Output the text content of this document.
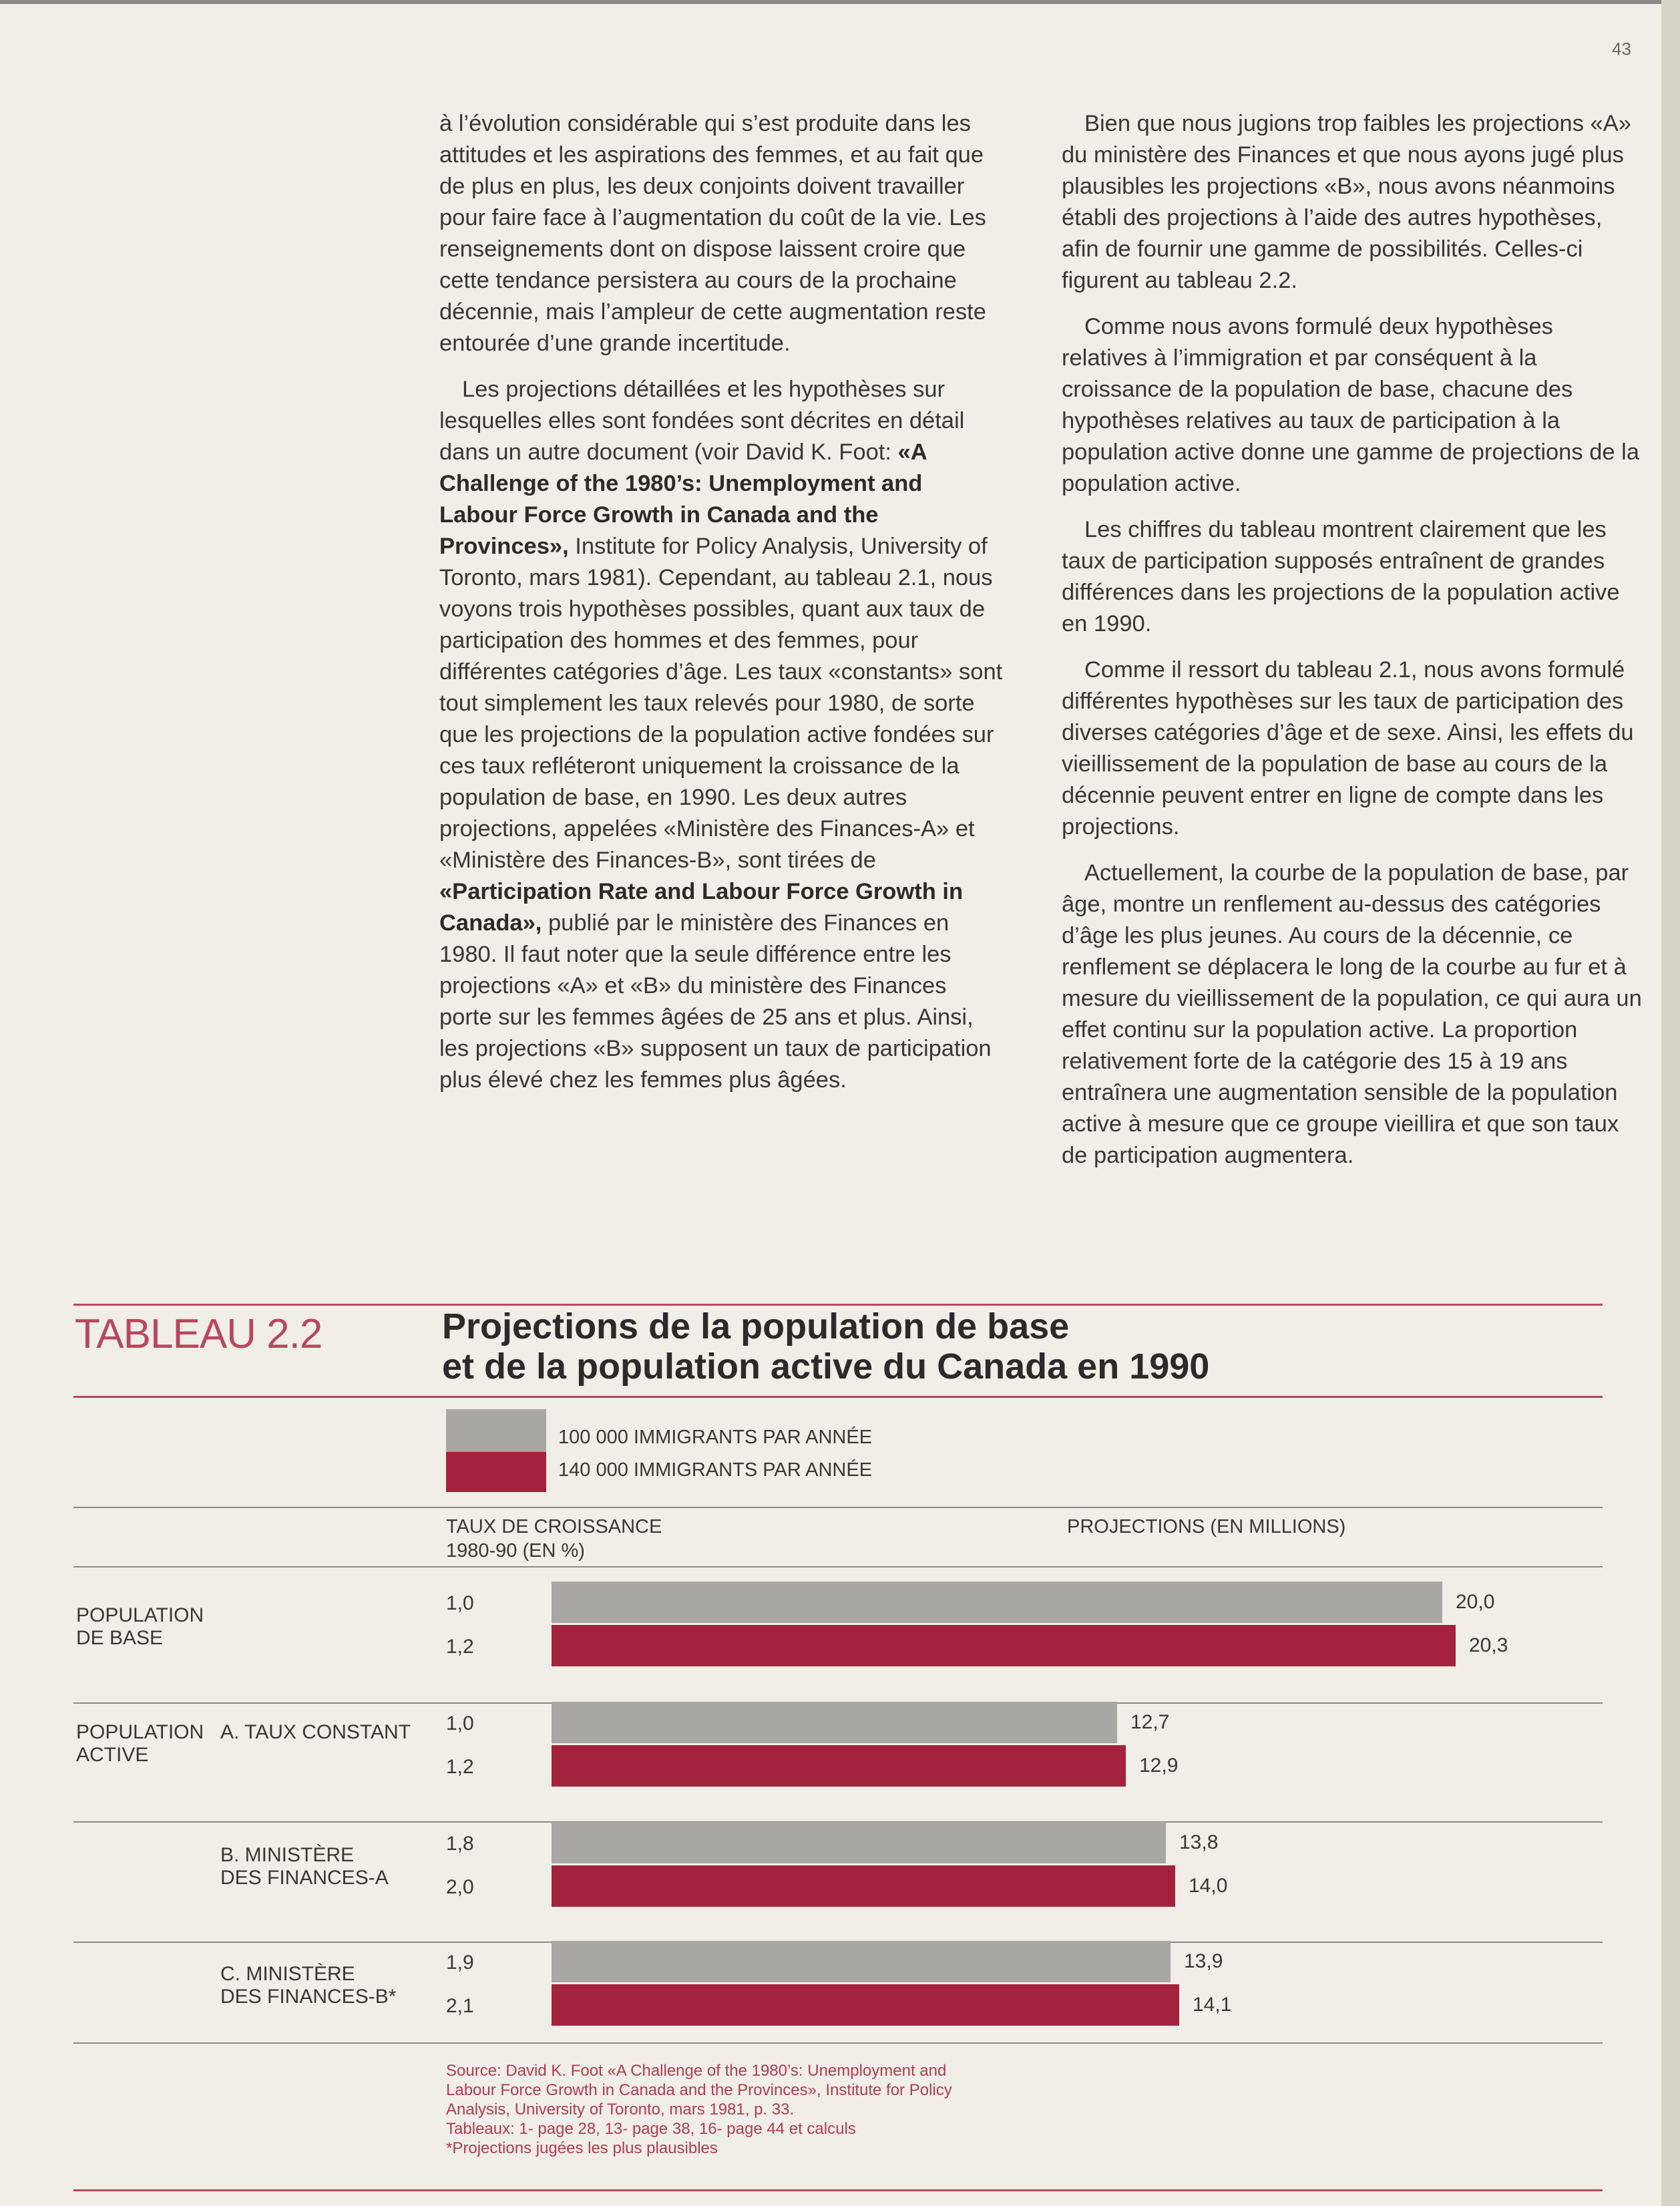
43

à l’évolution considérable qui s’est produite dans les attitudes et les aspirations des femmes, et au fait que de plus en plus, les deux conjoints doivent travailler pour faire face à l’augmentation du coût de la vie. Les renseignements dont on dispose laissent croire que cette tendance persistera au cours de la prochaine décennie, mais l’ampleur de cette augmentation reste entourée d’une grande incertitude.

Les projections détaillées et les hypothèses sur lesquelles elles sont fondées sont décrites en détail dans un autre document (voir David K. Foot: «A Challenge of the 1980’s: Unemployment and Labour Force Growth in Canada and the Provinces», Institute for Policy Analysis, University of Toronto, mars 1981). Cependant, au tableau 2.1, nous voyons trois hypothèses possibles, quant aux taux de participation des hommes et des femmes, pour différentes catégories d’âge. Les taux «constants» sont tout simplement les taux relevés pour 1980, de sorte que les projections de la population active fondées sur ces taux refléteront uniquement la croissance de la population de base, en 1990. Les deux autres projections, appelées «Ministère des Finances-A» et «Ministère des Finances-B», sont tirées de «Participation Rate and Labour Force Growth in Canada», publié par le ministère des Finances en 1980. Il faut noter que la seule différence entre les projections «A» et «B» du ministère des Finances porte sur les femmes âgées de 25 ans et plus. Ainsi, les projections «B» supposent un taux de participation plus élevé chez les femmes plus âgées.

Bien que nous jugions trop faibles les projections «A» du ministère des Finances et que nous ayons jugé plus plausibles les projections «B», nous avons néanmoins établi des projections à l’aide des autres hypothèses, afin de fournir une gamme de possibilités. Celles-ci figurent au tableau 2.2.

Comme nous avons formulé deux hypothèses relatives à l’immigration et par conséquent à la croissance de la population de base, chacune des hypothèses relatives au taux de participation à la population active donne une gamme de projections de la population active.

Les chiffres du tableau montrent clairement que les taux de participation supposés entraînent de grandes différences dans les projections de la population active en 1990.

Comme il ressort du tableau 2.1, nous avons formulé différentes hypothèses sur les taux de participation des diverses catégories d’âge et de sexe. Ainsi, les effets du vieillissement de la population de base au cours de la décennie peuvent entrer en ligne de compte dans les projections.

Actuellement, la courbe de la population de base, par âge, montre un renflement au-dessus des catégories d’âge les plus jeunes. Au cours de la décennie, ce renflement se déplacera le long de la courbe au fur et à mesure du vieillissement de la population, ce qui aura un effet continu sur la population active. La proportion relativement forte de la catégorie des 15 à 19 ans entraînera une augmentation sensible de la population active à mesure que ce groupe vieillira et que son taux de participation augmentera.

TABLEAU 2.2	Projections de la population de base
et de la population active du Canada en 1990
100 000 IMMIGRANTS PAR ANNÉE
140 000 IMMIGRANTS PAR ANNÉE
TAUX DE CROISSANCE
1980-90 (EN %)
PROJECTIONS (EN MILLIONS)
POPULATION
DE BASE
POPULATION
ACTIVE
A. TAUX CONSTANT
B. MINISTÈRE
DES FINANCES-A
C. MINISTÈRE
DES FINANCES-B*
20,0
1,0
20,3
1,2
12,7
1,0
12,9
1,2
13,8
1,8
14,0
2,0
13,9
1,9
14,1
2,1
Source: David K. Foot «A Challenge of the 1980’s: Unemployment and
Labour Force Growth in Canada and the Provinces», Institute for Policy
Analysis, University of Toronto, mars 1981, p. 33.
Tableaux: 1- page 28, 13- page 38, 16- page 44 et calculs
*Projections jugées les plus plausibles
